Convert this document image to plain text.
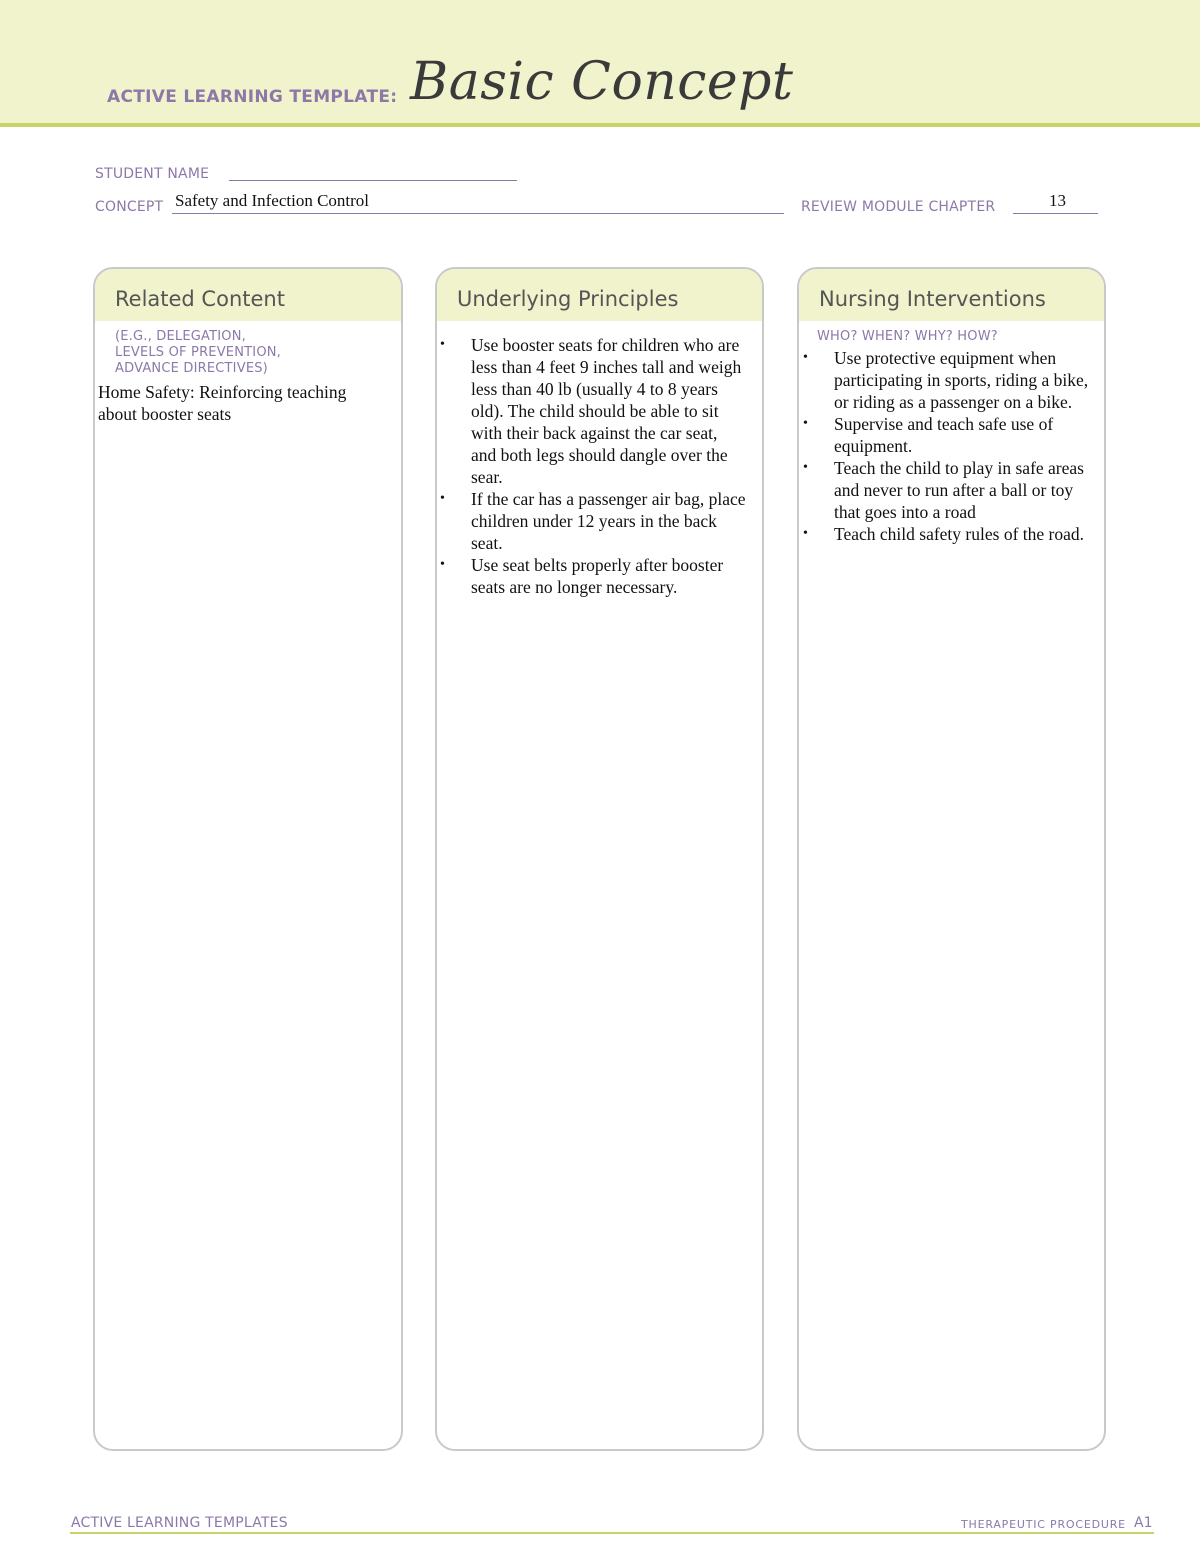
ACTIVE LEARNING TEMPLATE: Basic Concept
STUDENT NAME
CONCEPT Safety and Infection Control	REVIEW MODULE CHAPTER	13
Related Content
(E.G., DELEGATION,
LEVELS OF PREVENTION,
ADVANCE DIRECTIVES)
Home Safety: Reinforcing teaching about booster seats
Underlying Principles
• Use booster seats for children who are less than 4 feet 9 inches tall and weigh less than 40 lb (usually 4 to 8 years old). The child should be able to sit with their back against the car seat, and both legs should dangle over the sear.
• If the car has a passenger air bag, place children under 12 years in the back seat.
• Use seat belts properly after booster seats are no longer necessary.
Nursing Interventions
WHO? WHEN? WHY? HOW?
• Use protective equipment when participating in sports, riding a bike, or riding as a passenger on a bike.
• Supervise and teach safe use of equipment.
• Teach the child to play in safe areas and never to run after a ball or toy that goes into a road
• Teach child safety rules of the road.
ACTIVE LEARNING TEMPLATES	THERAPEUTIC PROCEDURE A1
